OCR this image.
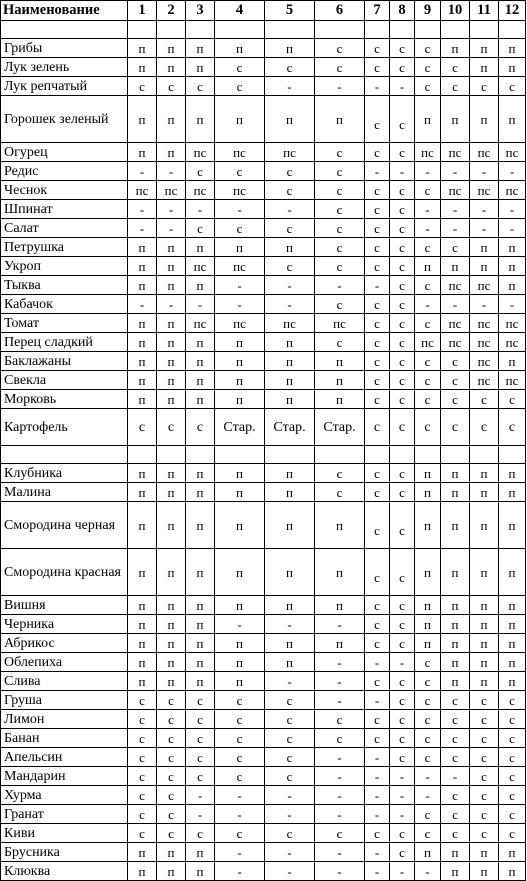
Наименование	1	2	3	4	5	6	7	8	9	10	11	12

Грибы	п	п	п	п	п	с	с	с	с	п	п	п
Лук зелень	п	п	п	с	с	с	с	с	с	с	п	п
Лук репчатый	с	с	с	с	-	-	-	-	с	с	с	с
Горошек зеленый	п	п	п	п	п	п	с	с	п	п	п	п
Огурец	п	п	пс	пс	пс	с	с	с	пс	пс	пс	пс
Редис	-	-	с	с	с	с	-	-	-	-	-	-
Чеснок	пс	пс	пс	пс	с	с	с	с	с	пс	пс	пс
Шпинат	-	-	-	-	-	с	с	с	-	-	-	-
Салат	-	-	с	с	с	с	с	с	-	-	-	-
Петрушка	п	п	п	п	п	с	с	с	с	с	п	п
Укроп	п	п	пс	пс	с	с	с	с	п	п	п	п
Тыква	п	п	п	-	-	-	-	с	с	пс	пс	п
Кабачок	-	-	-	-	-	с	с	с	-	-	-	-
Томат	п	п	пс	пс	пс	пс	с	с	с	пс	пс	пс
Перец сладкий	п	п	п	п	п	с	с	с	пс	пс	пс	пс
Баклажаны	п	п	п	п	п	п	с	с	с	с	пс	п
Свекла	п	п	п	п	п	п	с	с	с	с	пс	пс
Морковь	п	п	п	п	п	п	с	с	с	с	с	с
Картофель	с	с	с	Стар.	Стар.	Стар.	с	с	с	с	с	с

Клубника	п	п	п	п	п	с	с	с	п	п	п	п
Малина	п	п	п	п	п	с	с	с	п	п	п	п
Смородина черная	п	п	п	п	п	п	с	с	п	п	п	п
Смородина красная	п	п	п	п	п	п	с	с	п	п	п	п
Вишня	п	п	п	п	п	п	с	с	п	п	п	п
Черника	п	п	п	-	-	-	с	с	п	п	п	п
Абрикос	п	п	п	п	п	п	с	с	п	п	п	п
Облепиха	п	п	п	п	п	-	-	-	с	п	п	п
Слива	п	п	п	п	-	-	с	с	с	п	п	п
Груша	с	с	с	с	с	-	-	с	с	с	с	с
Лимон	с	с	с	с	с	с	с	с	с	с	с	с
Банан	с	с	с	с	с	с	с	с	с	с	с	с
Апельсин	с	с	с	с	с	-	-	с	с	с	с	с
Мандарин	с	с	с	с	с	-	-	-	-	-	с	с
Хурма	с	с	-	-	-	-	-	-	-	с	с	с
Гранат	с	с	-	-	-	-	-	-	с	с	с	с
Киви	с	с	с	с	с	с	с	с	с	с	с	с
Брусника	п	п	п	-	-	-	-	с	п	п	п	п
Клюква	п	п	п	-	-	-	-	-	-	п	п	п
